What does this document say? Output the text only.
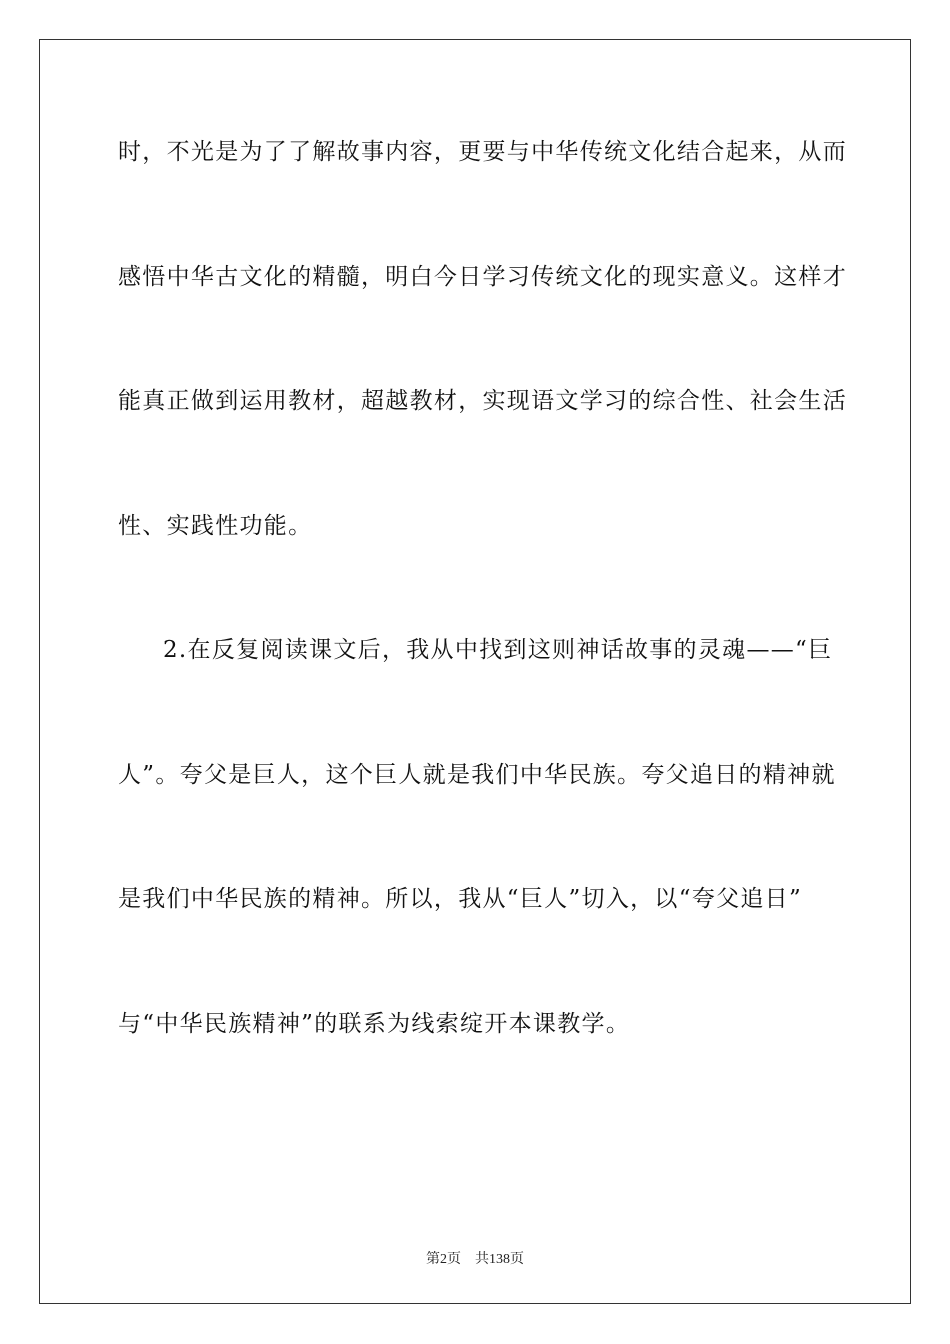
时，不光是为了了解故事内容，更要与中华传统文化结合起来，从而
感悟中华古文化的精髓，明白今日学习传统文化的现实意义。这样才
能真正做到运用教材，超越教材，实现语文学习的综合性、社会生活
性、实践性功能。
2.在反复阅读课文后，我从中找到这则神话故事的灵魂——“巨
人”。夸父是巨人，这个巨人就是我们中华民族。夸父追日的精神就
是我们中华民族的精神。所以，我从“巨人”切入，以“夸父追日”
与“中华民族精神”的联系为线索绽开本课教学。
第2页    共138页
